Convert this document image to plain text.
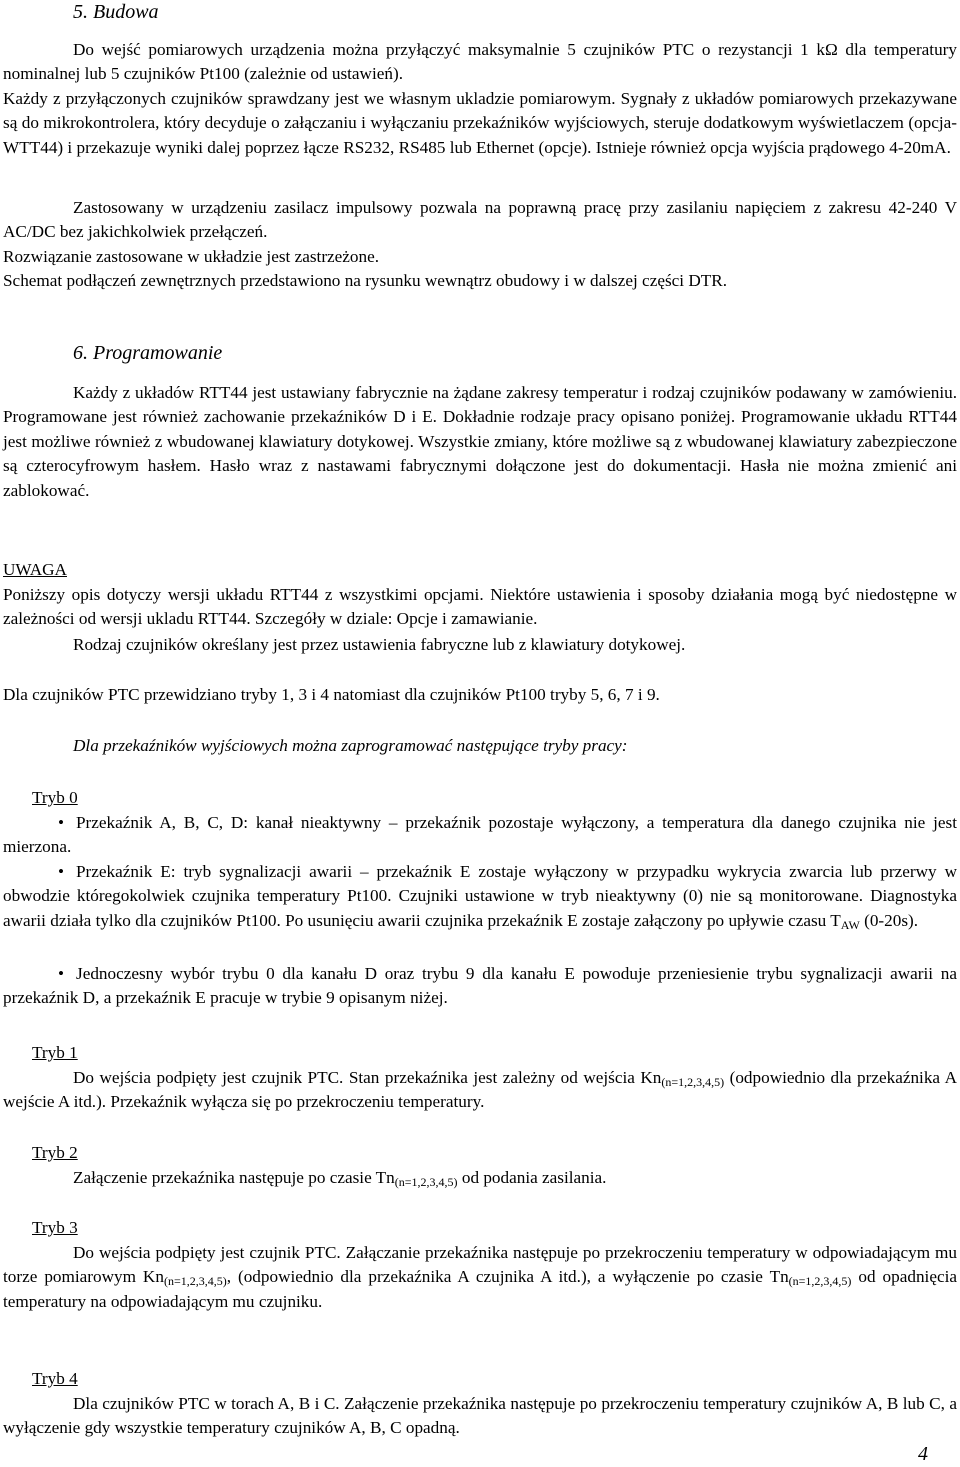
5. Budowa
Do wejść pomiarowych urządzenia można przyłączyć maksymalnie 5 czujników PTC o rezystancji 1 kΩ dla temperatury nominalnej lub 5 czujników Pt100 (zależnie od ustawień).
Każdy z przyłączonych czujników sprawdzany jest we własnym ukladzie pomiarowym. Sygnały z układów pomiarowych przekazywane są do mikrokontrolera, który decyduje o załączaniu i wyłączaniu przekaźników wyjściowych, steruje dodatkowym wyświetlaczem (opcja-WTT44) i przekazuje wyniki dalej poprzez łącze RS232, RS485 lub Ethernet (opcje). Istnieje również opcja wyjścia prądowego 4-20mA.
Zastosowany w urządzeniu zasilacz impulsowy pozwala na poprawną pracę przy zasilaniu napięciem z zakresu 42-240 V AC/DC bez jakichkolwiek przełączeń.
Rozwiązanie zastosowane w układzie jest zastrzeżone.
Schemat podłączeń zewnętrznych przedstawiono na rysunku wewnątrz obudowy i w dalszej części DTR.
6. Programowanie
Każdy z układów RTT44 jest ustawiany fabrycznie na żądane zakresy temperatur i rodzaj czujników podawany w zamówieniu. Programowane jest również zachowanie przekaźników D i E. Dokładnie rodzaje pracy opisano poniżej. Programowanie układu RTT44 jest możliwe również z wbudowanej klawiatury dotykowej. Wszystkie zmiany, które możliwe są z wbudowanej klawiatury zabezpieczone są czterocyfrowym hasłem. Hasło wraz z nastawami fabrycznymi dołączone jest do dokumentacji. Hasła nie można zmienić ani zablokować.
UWAGA
Poniższy opis dotyczy wersji układu RTT44 z wszystkimi opcjami. Niektóre ustawienia i sposoby działania mogą być niedostępne w zależności od wersji ukladu RTT44. Szczegóły w dziale: Opcje i zamawianie.
Rodzaj czujników określany jest przez ustawienia fabryczne lub z klawiatury dotykowej.
Dla czujników PTC przewidziano tryby 1, 3 i 4 natomiast dla czujników Pt100 tryby 5, 6, 7 i 9.
Dla przekaźników wyjściowych można zaprogramować następujące tryby pracy:
Tryb 0
• Przekaźnik A, B, C, D: kanał nieaktywny – przekaźnik pozostaje wyłączony, a temperatura dla danego czujnika nie jest mierzona.
• Przekaźnik E: tryb sygnalizacji awarii – przekaźnik E zostaje wyłączony w przypadku wykrycia zwarcia lub przerwy w obwodzie któregokolwiek czujnika temperatury Pt100. Czujniki ustawione w tryb nieaktywny (0) nie są monitorowane. Diagnostyka awarii działa tylko dla czujników Pt100. Po usunięciu awarii czujnika przekaźnik E zostaje załączony po upływie czasu $T_{AW}$ (0-20s).
• Jednoczesny wybór trybu 0 dla kanału D oraz trybu 9 dla kanału E powoduje przeniesienie trybu sygnalizacji awarii na przekaźnik D, a przekaźnik E pracuje w trybie 9 opisanym niżej.
Tryb 1
Do wejścia podpięty jest czujnik PTC. Stan przekaźnika jest zależny od wejścia $Kn_{(n=1,2,3,4,5)}$ (odpowiednio dla przekaźnika A wejście A itd.). Przekaźnik wyłącza się po przekroczeniu temperatury.
Tryb 2
Załączenie przekaźnika następuje po czasie $Tn_{(n=1,2,3,4,5)}$ od podania zasilania.
Tryb 3
Do wejścia podpięty jest czujnik PTC. Załączanie przekaźnika następuje po przekroczeniu temperatury w odpowiadającym mu torze pomiarowym $Kn_{(n=1,2,3,4,5)}$, (odpowiednio dla przekaźnika A czujnika A itd.), a wyłączenie po czasie $Tn_{(n=1,2,3,4,5)}$ od opadnięcia temperatury na odpowiadającym mu czujniku.
Tryb 4
Dla czujników PTC w torach A, B i C. Załączenie przekaźnika następuje po przekroczeniu temperatury czujników A, B lub C, a wyłączenie gdy wszystkie temperatury czujników A, B, C opadną.
4
